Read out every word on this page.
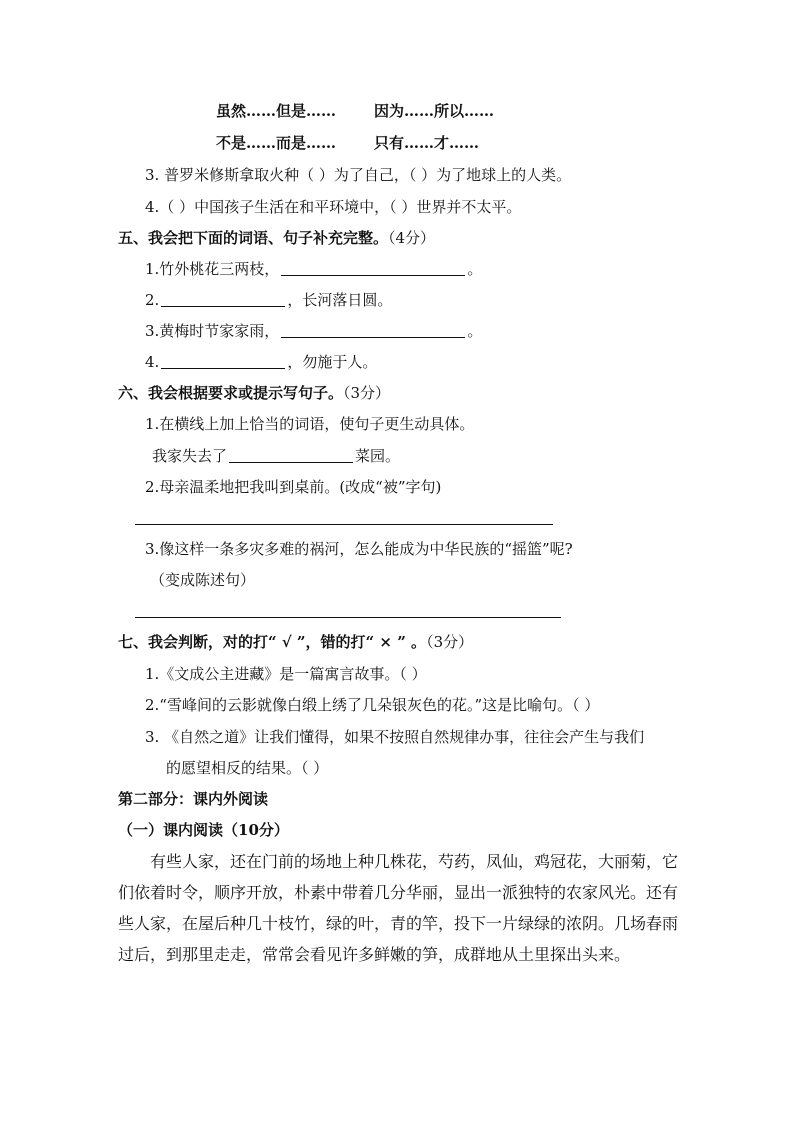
虽然……但是……	因为……所以……
不是……而是……	只有……才……
3. 普罗米修斯拿取火种（ ）为了自己，（ ）为了地球上的人类。
4.（ ）中国孩子生活在和平环境中，（ ）世界并不太平。
五、我会把下面的词语、句子补充完整。（4分）
1.竹外桃花三两枝，	。
2.	，长河落日圆。
3.黄梅时节家家雨，	。
4.	，勿施于人。
六、我会根据要求或提示写句子。（3分）
1.在横线上加上恰当的词语，使句子更生动具体。
我家失去了	菜园。
2.母亲温柔地把我叫到桌前。(改成“被”字句)
3.像这样一条多灾多难的祸河，怎么能成为中华民族的“摇篮”呢?
（变成陈述句）
七、我会判断，对的打“ √ ”，错的打“ × ” 。（3分）
1.《文成公主进藏》是一篇寓言故事。（ ）
2.“雪峰间的云影就像白缎上绣了几朵银灰色的花。”这是比喻句。（ ）
3. 《自然之道》让我们懂得，如果不按照自然规律办事，往往会产生与我们
的愿望相反的结果。（ ）
第二部分：课内外阅读
（一）课内阅读（10分）
有些人家，还在门前的场地上种几株花，芍药，凤仙，鸡冠花，大丽菊，它
们依着时令，顺序开放，朴素中带着几分华丽，显出一派独特的农家风光。还有
些人家，在屋后种几十枝竹，绿的叶，青的竿，投下一片绿绿的浓阴。几场春雨
过后，到那里走走，常常会看见许多鲜嫩的笋，成群地从土里探出头来。
